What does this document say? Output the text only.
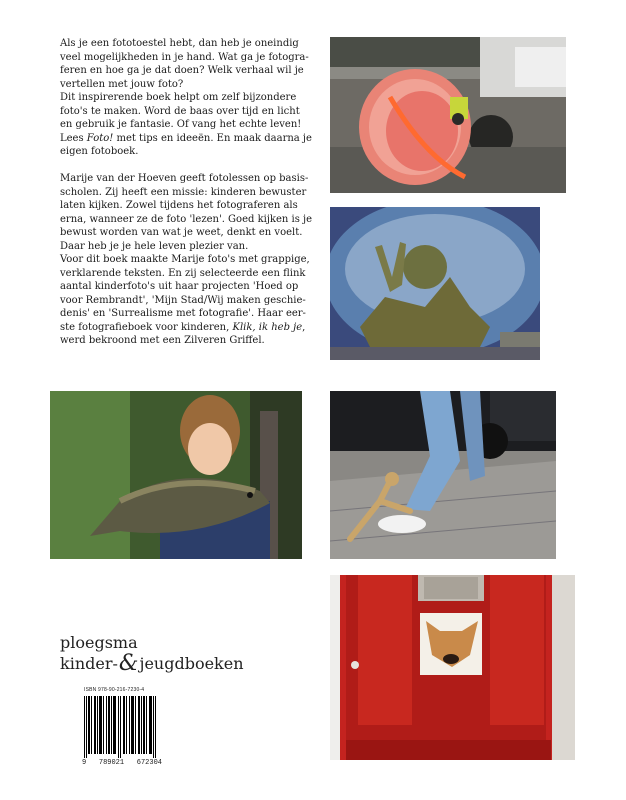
Als je een fototoestel hebt, dan heb je oneindig

veel mogelijkheden in je hand. Wat ga je fotogra-

feren en hoe ga je dat doen? Welk verhaal wil je

vertellen met jouw foto?

Dit inspirerende boek helpt om zelf bijzondere

foto's te maken. Word de baas over tijd en licht

en gebruik je fantasie. Of vang het echte leven!

Lees Foto! met tips en ideeën. En maak daarna je

eigen fotoboek.

Marije van der Hoeven geeft fotolessen op basis-

scholen. Zij heeft een missie: kinderen bewuster

laten kijken. Zowel tijdens het fotograferen als

erna, wanneer ze de foto 'lezen'. Goed kijken is je

bewust worden van wat je weet, denkt en voelt.

Daar heb je je hele leven plezier van.

Voor dit boek maakte Marije foto's met grappige,

verklarende teksten. En zij selecteerde een flink

aantal kinderfoto's uit haar projecten 'Hoed op

voor Rembrandt', 'Mijn Stad/Wij maken geschie-

denis' en 'Surrealisme met fotografie'. Haar eer-

ste fotografieboek voor kinderen, Klik, ik heb je,

werd bekroond met een Zilveren Griffel.

ploegsma
kinder- & jeugdboeken
ISBN 978-90-216-7230-4
9 789021 672304
